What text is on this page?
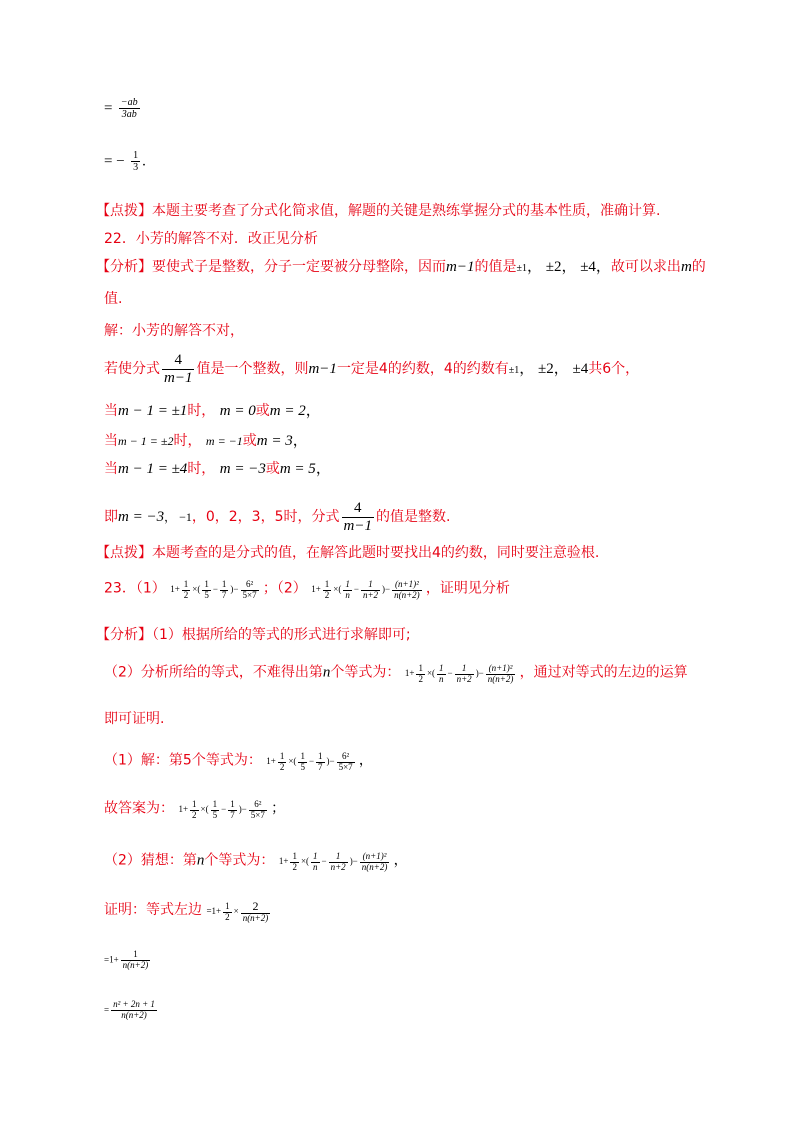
= $\frac{-ab}{3ab}$
= − $\frac{1}{3}$ .
【点拨】本题主要考查了分式化简求值，解题的关键是熟练掌握分式的基本性质，准确计算.
22．小芳的解答不对．改正见分析
【分析】要使式子是整数，分子一定要被分母整除，因而m−1的值是±1， ±2， ±4，故可以求出m的
值.
解：小芳的解答不对，
若使分式 $\frac{4}{m-1}$ 值是一个整数，则m−1一定是4的约数，4的约数有±1， ±2， ±4共6个，
当m − 1 = ±1时， m = 0或m = 2，
当m − 1 = ±2时， m = −1或m = 3，
当m − 1 = ±4时， m = −3或m = 5，
即m = −3， −1，0，2，3，5时，分式 $\frac{4}{m-1}$ 的值是整数.
【点拨】本题考查的是分式的值，在解答此题时要找出4的约数，同时要注意验根.
23．（1） $1+ \frac{1}{2}$ ×( $\frac{1}{5} - \frac{1}{7}$ )− $\frac{\text{6²}}{5\times 7}$ ；（2） $1+ \frac{1}{2}$ ×( $\frac{1}{n} - \frac{1}{n+2}$ )− $\frac{\text{(n+1)²}}{n(n+2)}$ ，证明见分析
【分析】（1）根据所给的等式的形式进行求解即可;
（2）分析所给的等式，不难得出第n个等式为： $1+ \frac{1}{2}$ ×( $\frac{1}{n} - \frac{1}{n+2}$ )− $\frac{\text{(n+1)²}}{n(n+2)}$ ，通过对等式的左边的运算
即可证明.
（1）解：第5个等式为： $1+ \frac{1}{2}$ ×( $\frac{1}{5} - \frac{1}{7}$ )− $\frac{\text{6²}}{5\times 7}$ ，
故答案为： $1+ \frac{1}{2}$ ×( $\frac{1}{5} - \frac{1}{7}$ )− $\frac{\text{6²}}{5\times 7}$ ；
（2）猜想：第n个等式为： $1+ \frac{1}{2}$ ×( $\frac{1}{n} - \frac{1}{n+2}$ )− $\frac{\text{(n+1)²}}{n(n+2)}$ ，
证明：等式左边 $=1+ \frac{1}{2} \times \frac{2}{n(n+2)}$
$=1+ \frac{1}{n(n+2)}$
= $\frac{\text{n² + 2n + 1}}{n(n+2)}$
